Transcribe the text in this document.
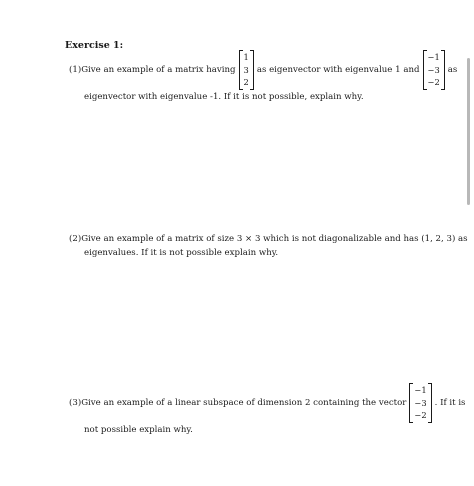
Exercise 1:
(1) Give an example of a matrix having
1
3
2
as eigenvector with eigenvalue 1 and
−1
−3
−2
as
eigenvector with eigenvalue -1. If it is not possible, explain why.
(2) Give an example of a matrix of size 3 × 3 which is not diagonalizable and has (1, 2, 3) as
eigenvalues. If it is not possible explain why.
(3) Give an example of a linear subspace of dimension 2 containing the vector
−1
−3
−2
. If it is
not possible explain why.
